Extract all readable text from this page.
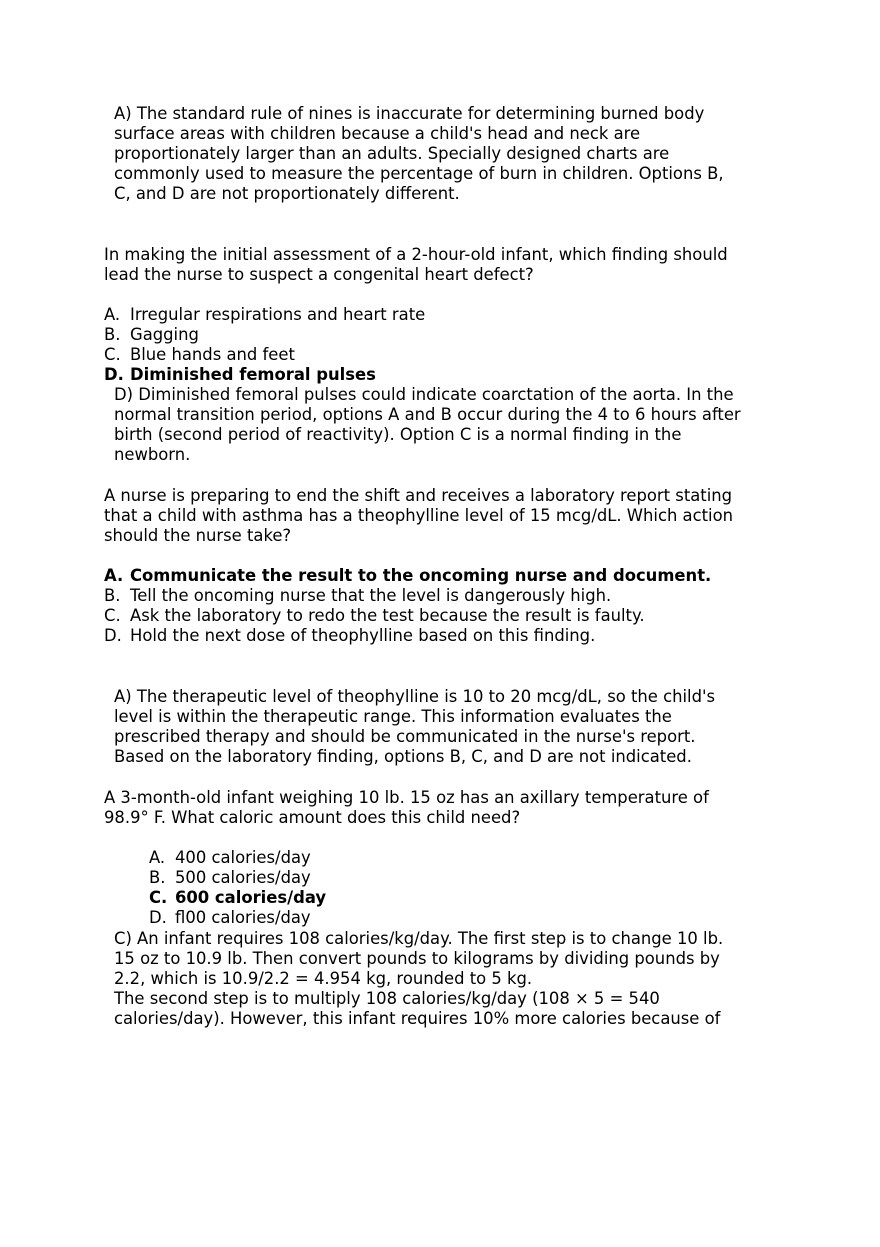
A) The standard rule of nines is inaccurate for determining burned body
surface areas with children because a child's head and neck are
proportionately larger than an adults. Specially designed charts are
commonly used to measure the percentage of burn in children. Options B,
C, and D are not proportionately different.
In making the initial assessment of a 2-hour-old infant, which finding should
lead the nurse to suspect a congenital heart defect?
A. Irregular respirations and heart rate
B. Gagging
C. Blue hands and feet
D. Diminished femoral pulses
D) Diminished femoral pulses could indicate coarctation of the aorta. In the
normal transition period, options A and B occur during the 4 to 6 hours after
birth (second period of reactivity). Option C is a normal finding in the
newborn.
A nurse is preparing to end the shift and receives a laboratory report stating
that a child with asthma has a theophylline level of 15 mcg/dL. Which action
should the nurse take?
A. Communicate the result to the oncoming nurse and document.
B. Tell the oncoming nurse that the level is dangerously high.
C. Ask the laboratory to redo the test because the result is faulty.
D. Hold the next dose of theophylline based on this finding.
A) The therapeutic level of theophylline is 10 to 20 mcg/dL, so the child's
level is within the therapeutic range. This information evaluates the
prescribed therapy and should be communicated in the nurse's report.
Based on the laboratory finding, options B, C, and D are not indicated.
A 3-month-old infant weighing 10 lb. 15 oz has an axillary temperature of
98.9° F. What caloric amount does this child need?
A. 400 calories/day
B. 500 calories/day
C. 600 calories/day
D. fl00 calories/day
C) An infant requires 108 calories/kg/day. The first step is to change 10 lb.
15 oz to 10.9 lb. Then convert pounds to kilograms by dividing pounds by
2.2, which is 10.9/2.2 = 4.954 kg, rounded to 5 kg.
The second step is to multiply 108 calories/kg/day (108 × 5 = 540
calories/day). However, this infant requires 10% more calories because of
